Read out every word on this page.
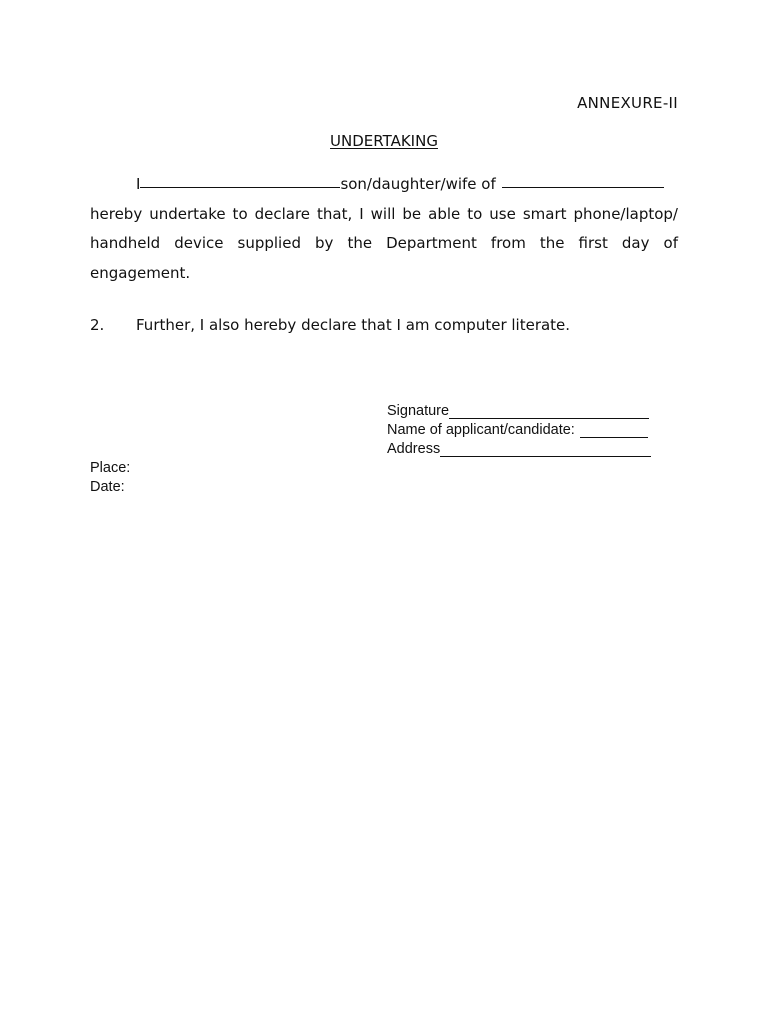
ANNEXURE-II
UNDERTAKING
I	son/daughter/wife of
hereby undertake to declare that, I will be able to use smart phone/laptop/
handheld device supplied by the Department from the first day of
engagement.
2. Further, I also hereby declare that I am computer literate.
Signature
Name of applicant/candidate:
Address
Place:
Date:
